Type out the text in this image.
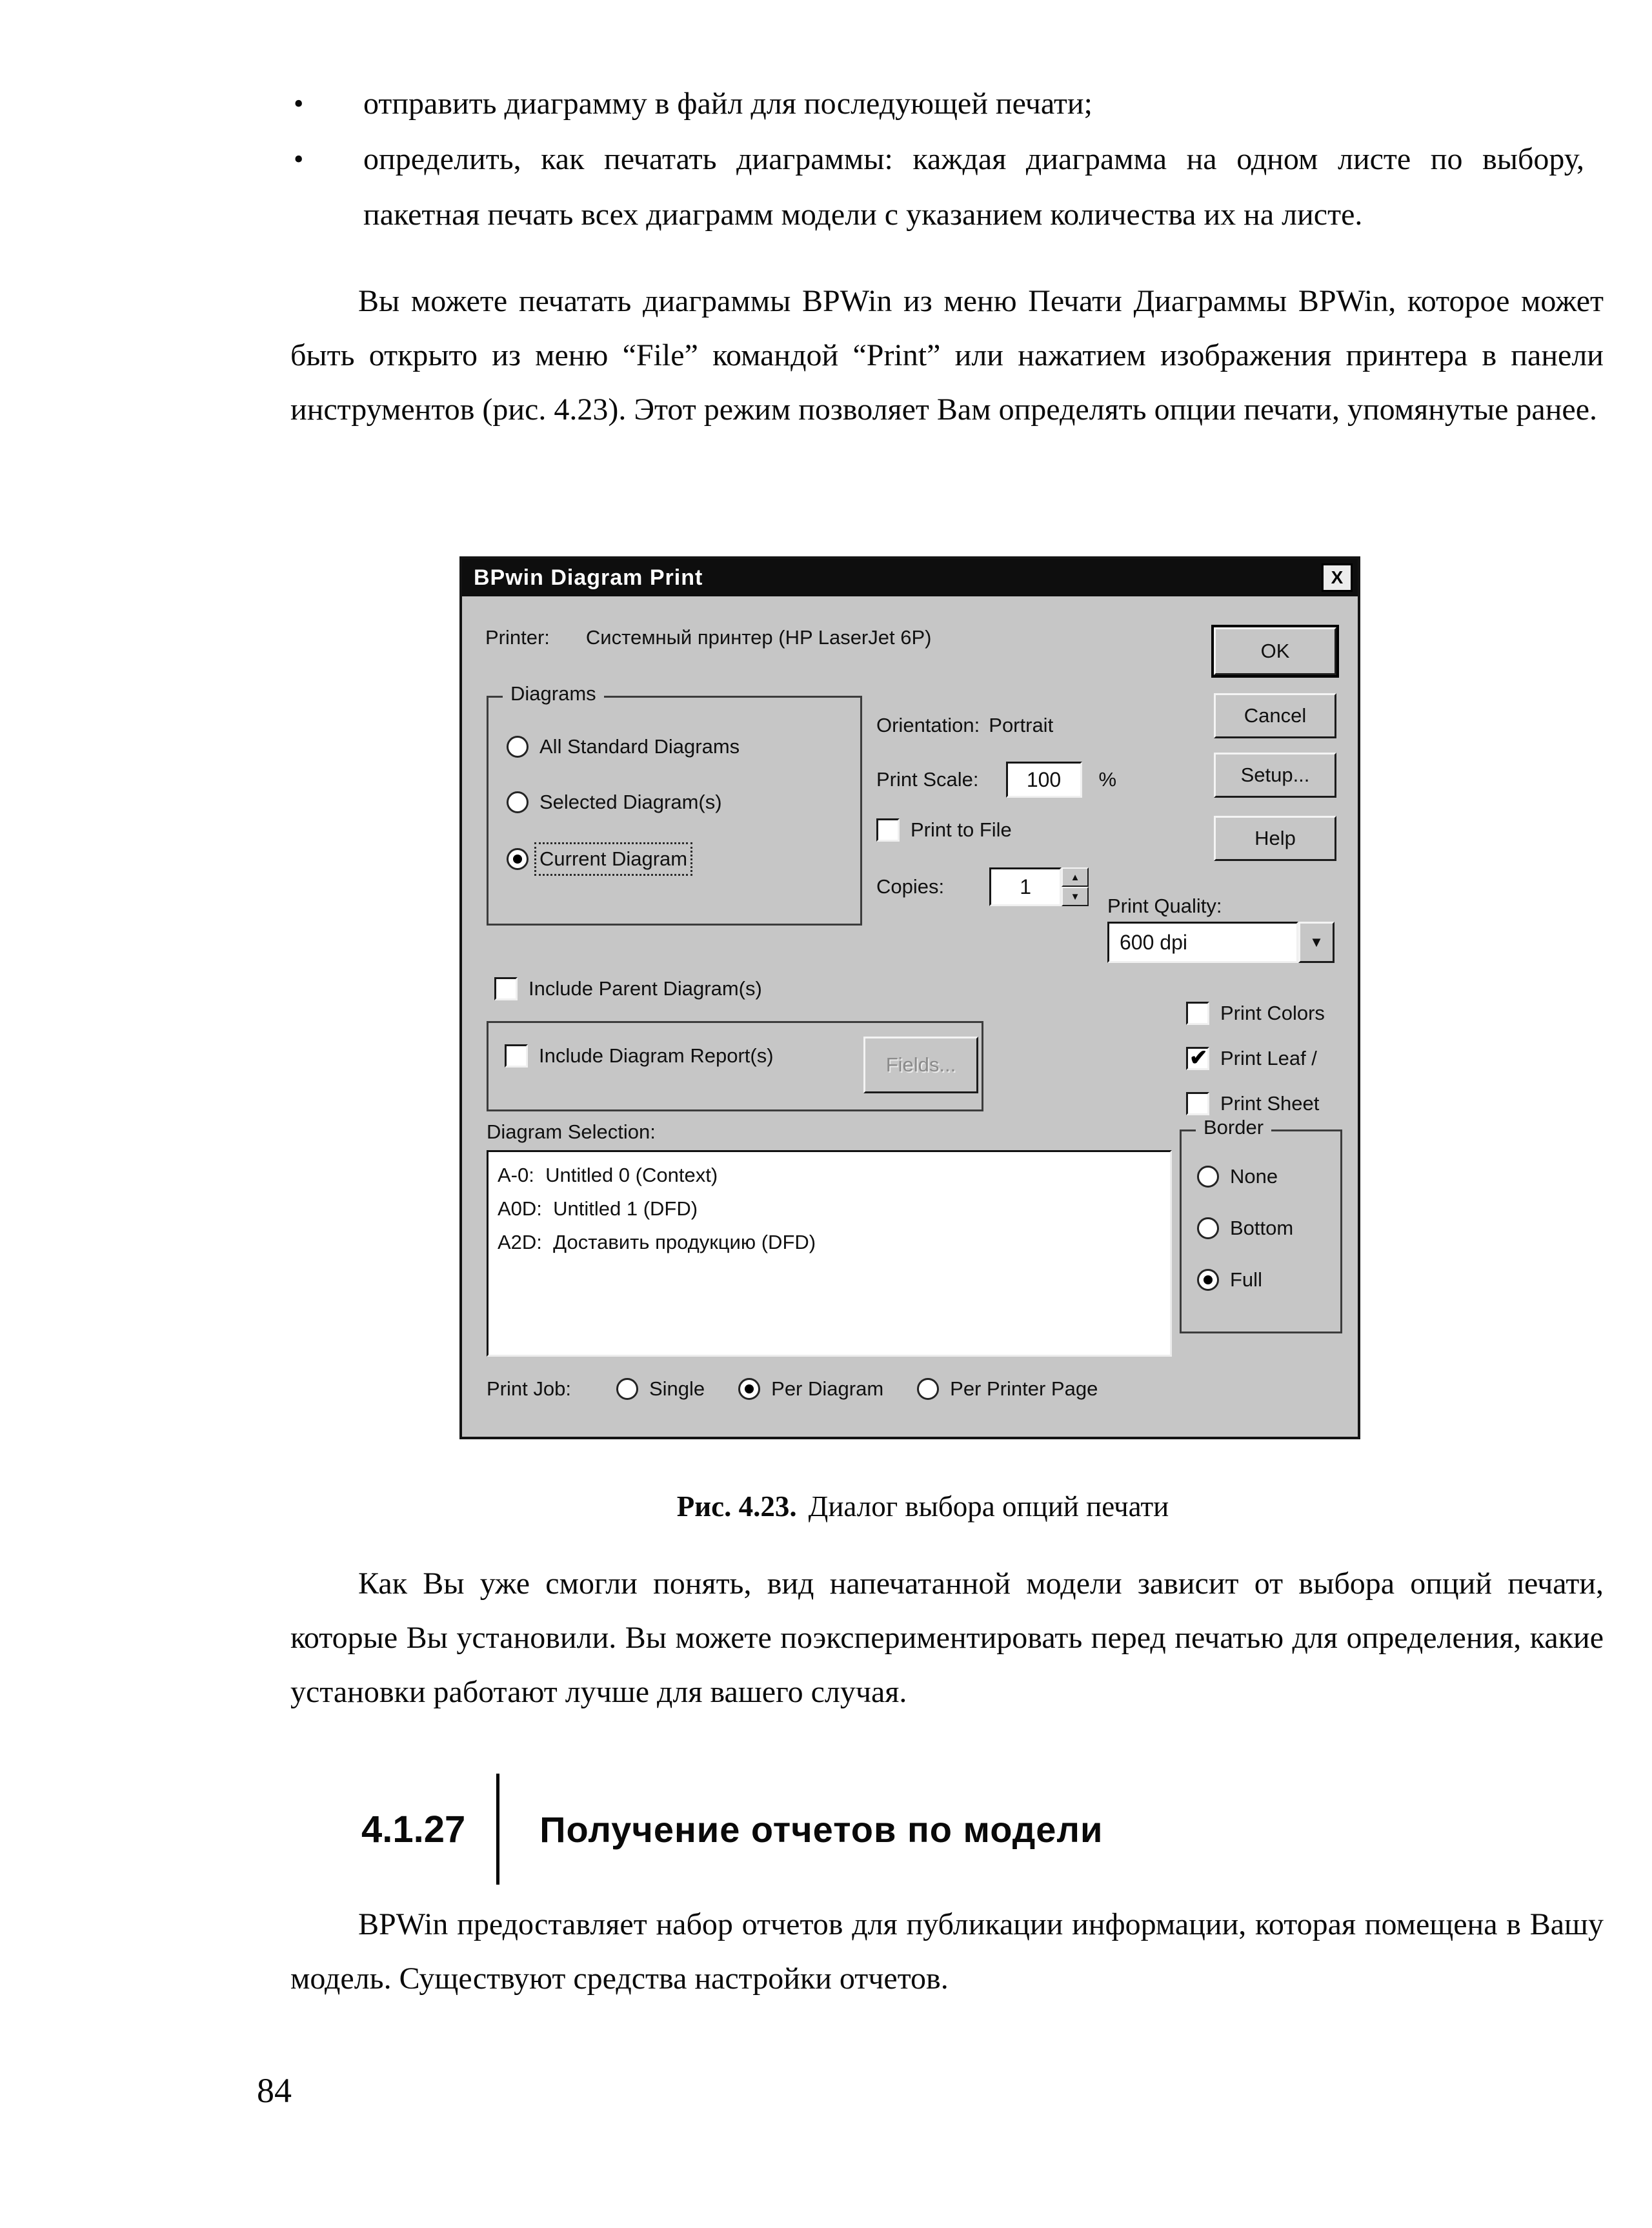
•	отправить диаграмму в файл для последующей печати;
•	определить, как печатать диаграммы: каждая диаграмма на одном листе по выбору, пакетная печать всех диаграмм модели с указанием количества их на листе.
Вы можете печатать диаграммы BPWin из меню Печати Диаграммы BPWin, которое может быть открыто из меню “File” командой “Print” или нажатием изображения принтера в панели инструментов (рис. 4.23). Этот режим позволяет Вам определять опции печати, упомянутые ранее.
BPwin Diagram Print	X
Printer: Системный принтер (HP LaserJet 6P)
OK
Cancel
Setup...
Help
Diagrams
All Standard Diagrams
Selected Diagram(s)
Current Diagram
Orientation: Portrait
Print Scale:	100	%
Print to File
Copies:	1	▲
▼	Print Quality:
600 dpi	▼
Include Parent Diagram(s)
Include Diagram Report(s)	Fields...
Diagram Selection:
A-0:  Untitled 0 (Context)
A0D:  Untitled 1 (DFD)
A2D:  Доставить продукцию (DFD)
Print Colors
✔
Print Leaf /
Print Sheet
Border
None
Bottom
Full
Print Job:	Single	Per Diagram	Per Printer Page
Рис. 4.23. Диалог выбора опций печати
Как Вы уже смогли понять, вид напечатанной модели зависит от выбора опций печати, которые Вы установили. Вы можете поэкспериментировать перед печатью для определения, какие установки работают лучше для вашего случая.
4.1.27	Получение отчетов по модели
BPWin предоставляет набор отчетов для публикации информации, которая помещена в Вашу модель. Существуют средства настройки отчетов.
84
